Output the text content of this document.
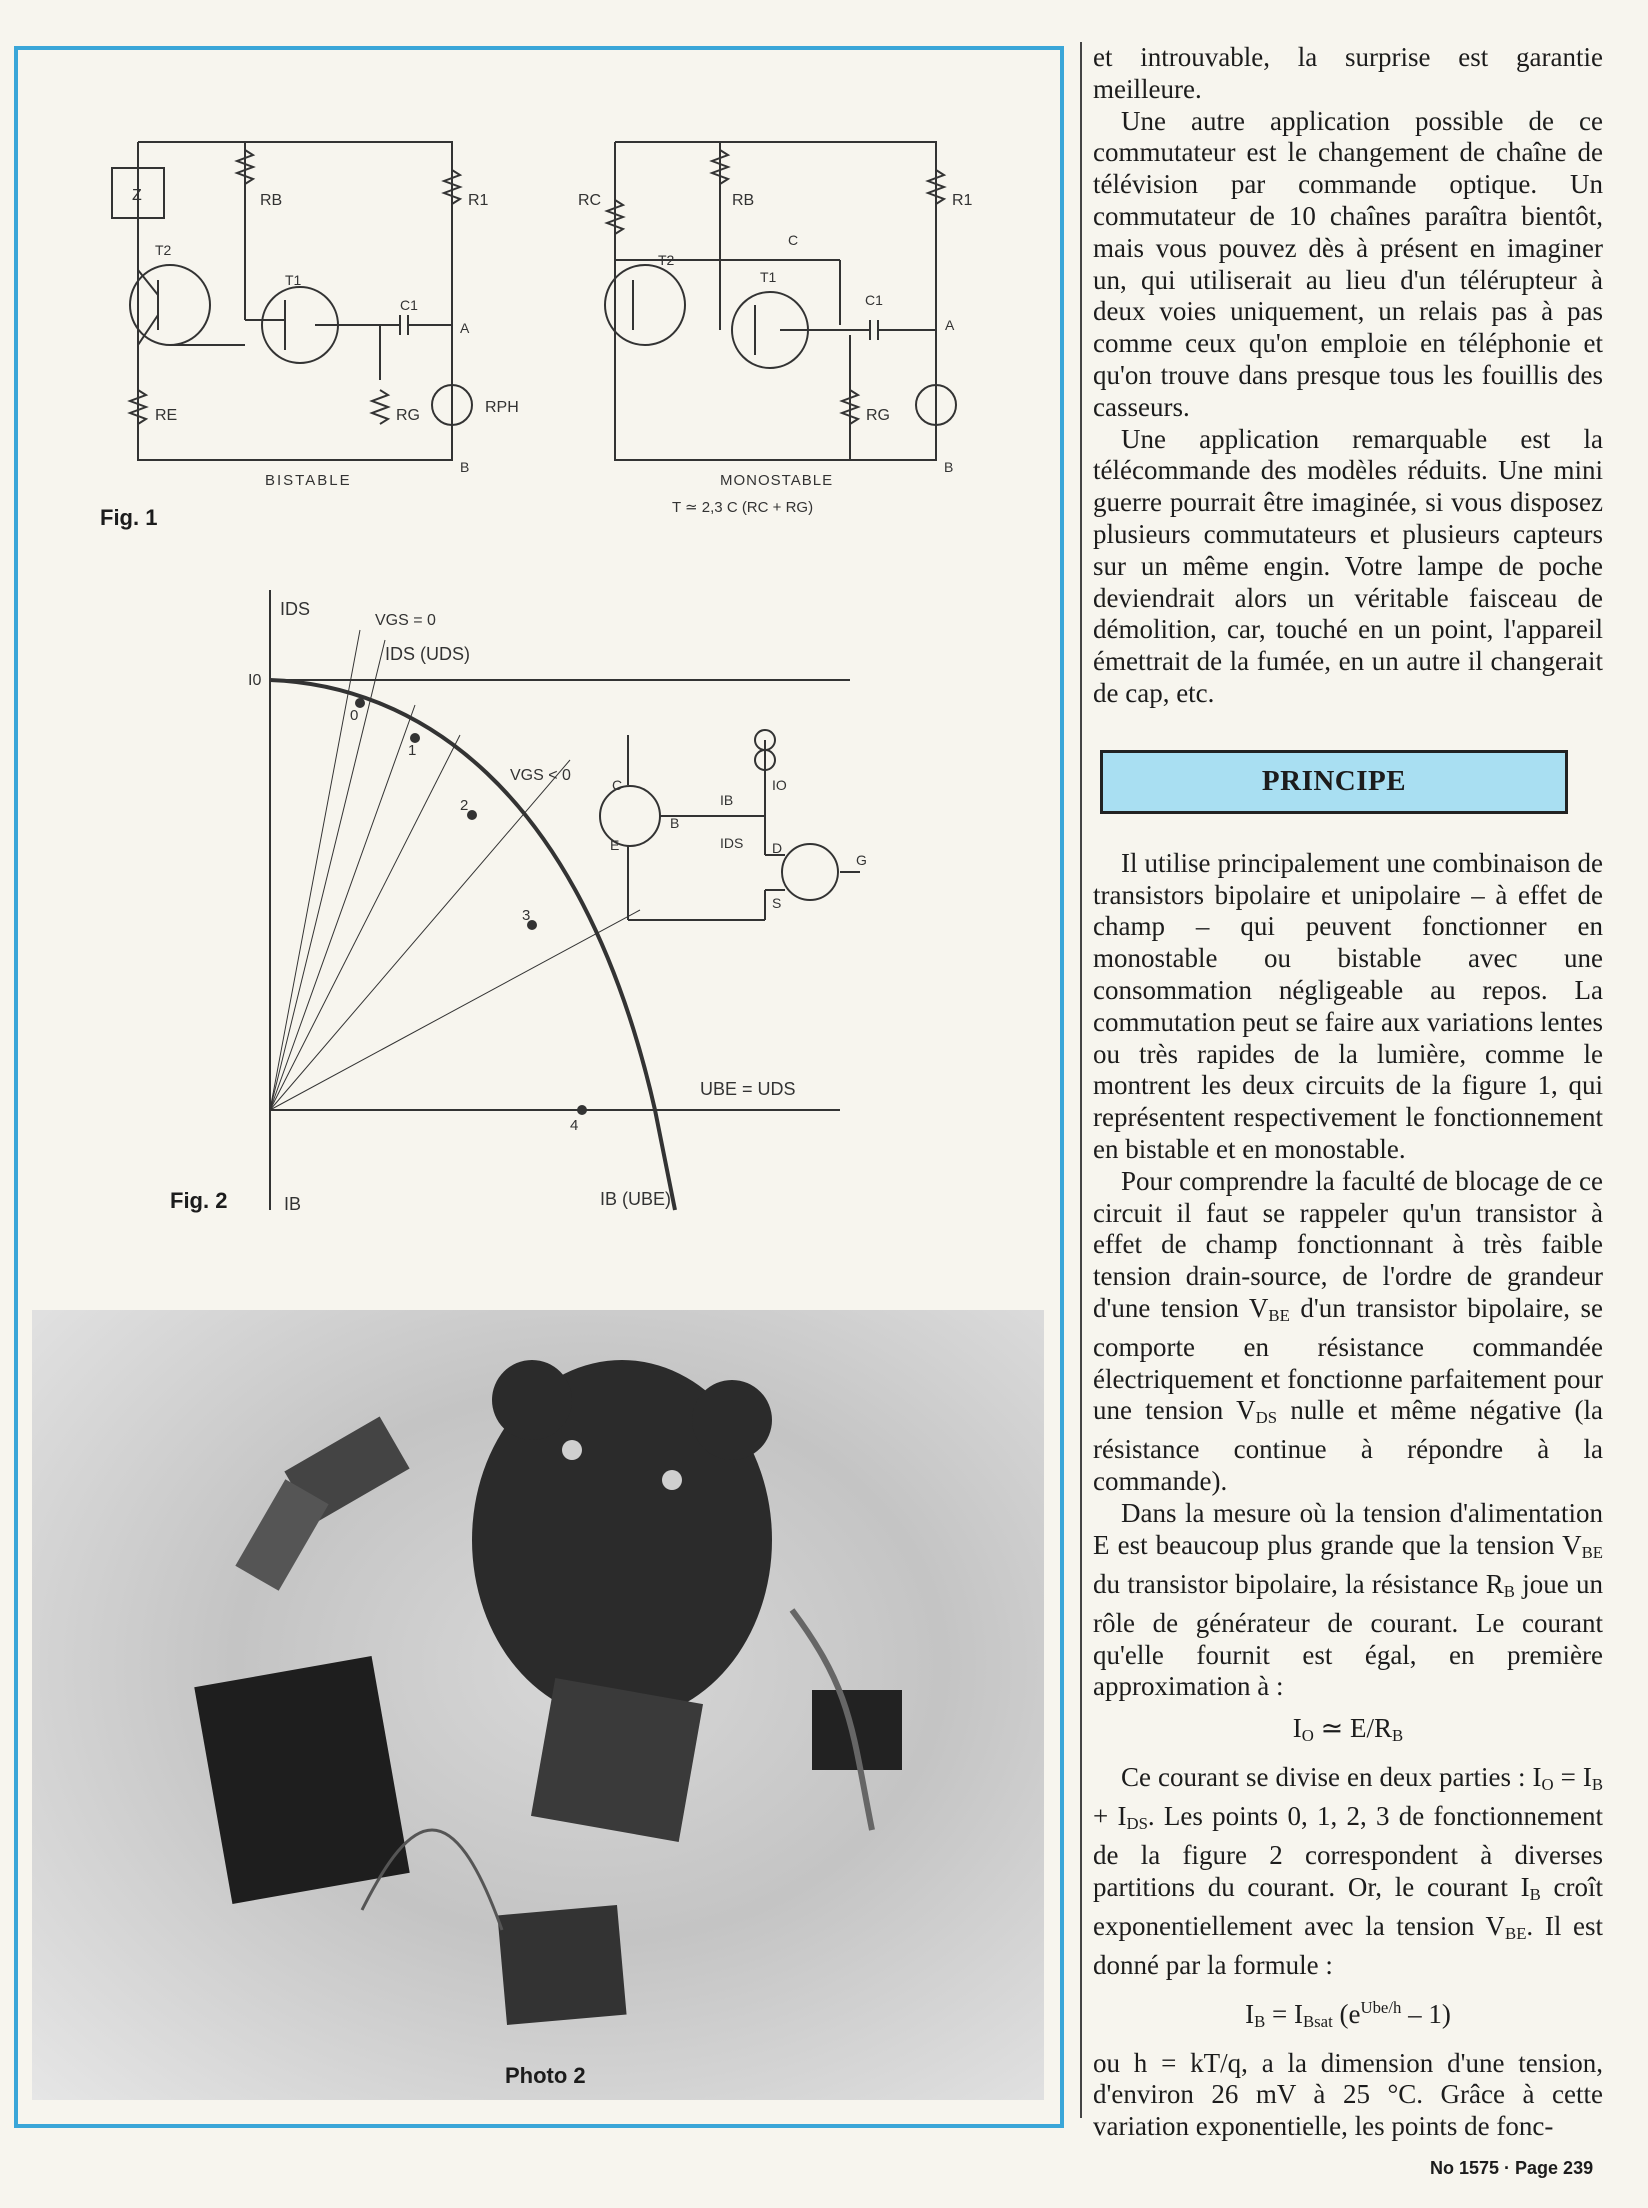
Z
T2
T1
RB	R1
C1
A
RE	RG	RPH
B
BISTABLE
RC	RB	R1
C
T2
T1
C1
A
RG
B
MONOSTABLE
T ≃ 2,3 C (RC + RG)
Fig. 1
IDS
VGS = 0
IDS (UDS)
I0
VGS < 0
UBE = UDS
IB	IB (UBE)
0
1
2
3
4
C
E
B
IB
IO
IDS D
G
S
Fig. 2
Photo 2

et introuvable, la surprise est garantie meilleure.

Une autre application possible de ce commutateur est le changement de chaîne de télévision par commande optique. Un commutateur de 10 chaînes paraîtra bientôt, mais vous pouvez dès à présent en imaginer un, qui utiliserait au lieu d'un télérupteur à deux voies uniquement, un relais pas à pas comme ceux qu'on emploie en téléphonie et qu'on trouve dans presque tous les fouillis des casseurs.

Une application remarquable est la télécommande des modèles réduits. Une mini guerre pourrait être imaginée, si vous disposez plusieurs commutateurs et plusieurs capteurs sur un même engin. Votre lampe de poche deviendrait alors un véritable faisceau de démolition, car, touché en un point, l'appareil émettrait de la fumée, en un autre il changerait de cap, etc.

PRINCIPE

Il utilise principalement une combinaison de transistors bipolaire et unipolaire – à effet de champ – qui peuvent fonctionner en monostable ou bistable avec une consommation négligeable au repos. La commutation peut se faire aux variations lentes ou très rapides de la lumière, comme le montrent les deux circuits de la figure 1, qui représentent respectivement le fonctionnement en bistable et en monostable.

Pour comprendre la faculté de blocage de ce circuit il faut se rappeler qu'un transistor à effet de champ fonctionnant à très faible tension drain-source, de l'ordre de grandeur d'une tension $V_{BE}$ d'un transistor bipolaire, se comporte en résistance commandée électriquement et fonctionne parfaitement pour une tension $V_{DS}$ nulle et même négative (la résistance continue à répondre à la commande).

Dans la mesure où la tension d'alimentation E est beaucoup plus grande que la tension $V_{BE}$ du transistor bipolaire, la résistance $R_B$ joue un rôle de générateur de courant. Le courant qu'elle fournit est égal, en première approximation à :

$I_O$ ≃ $E/R_B$

Ce courant se divise en deux parties : $I_O = I_B + I_{DS}$. Les points 0, 1, 2, 3 de fonctionnement de la figure 2 correspondent à diverses partitions du courant. Or, le courant $I_B$ croît exponentiellement avec la tension $V_{BE}$. Il est donné par la formule :

$I_B = I_{Bsat}$ $(e^{Ube/h} - 1)$

ou h = kT/q, a la dimension d'une tension, d'environ 26 mV à 25 °C. Grâce à cette variation exponentielle, les points de fonc-

No 1575 · Page 239
